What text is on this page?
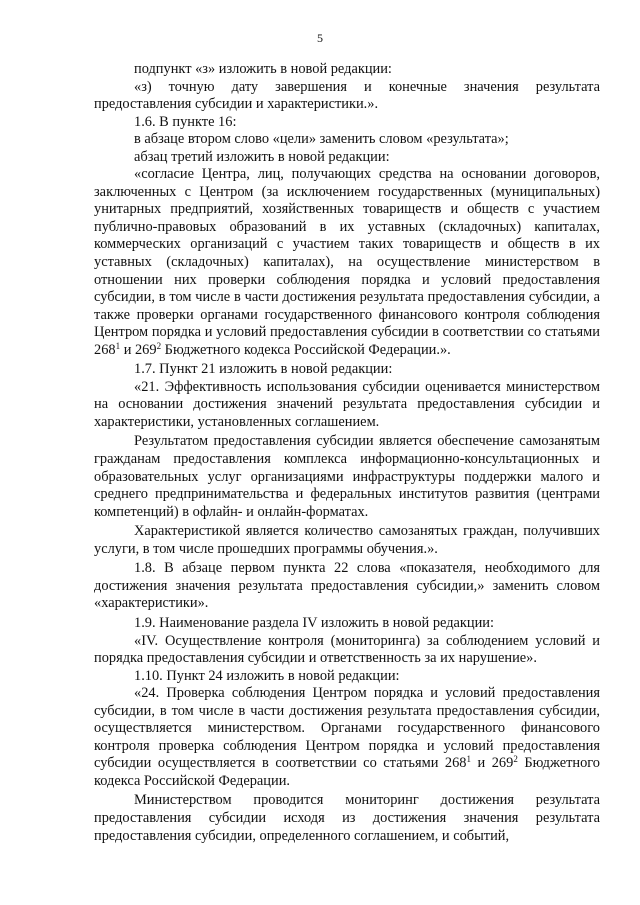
5

подпункт «з» изложить в новой редакции:

«з) точную дату завершения и конечные значения результата предоставления субсидии и характеристики.».

1.6. В пункте 16:

в абзаце втором слово «цели» заменить словом «результата»;

абзац третий изложить в новой редакции:

«согласие Центра, лиц, получающих средства на основании договоров, заключенных с Центром (за исключением государственных (муниципальных) унитарных предприятий, хозяйственных товариществ и обществ с участием публично-правовых образований в их уставных (складочных) капиталах, коммерческих организаций с участием таких товариществ и обществ в их уставных (складочных) капиталах), на осуществление министерством в отношении них проверки соблюдения порядка и условий предоставления субсидии, в том числе в части достижения результата предоставления субсидии, а также проверки органами государственного финансового контроля соблюдения Центром порядка и условий предоставления субсидии в соответствии со статьями $268^1$ и $269^2$ Бюджетного кодекса Российской Федерации.».

1.7. Пункт 21 изложить в новой редакции:

«21. Эффективность использования субсидии оценивается министерством на основании достижения значений результата предоставления субсидии и характеристики, установленных соглашением.

Результатом предоставления субсидии является обеспечение самозанятым гражданам предоставления комплекса информационно-консультационных и образовательных услуг организациями инфраструктуры поддержки малого и среднего предпринимательства и федеральных институтов развития (центрами компетенций) в офлайн- и онлайн-форматах.

Характеристикой является количество самозанятых граждан, получивших услуги, в том числе прошедших программы обучения.».

1.8. В абзаце первом пункта 22 слова «показателя, необходимого для достижения значения результата предоставления субсидии,» заменить словом «характеристики».

1.9. Наименование раздела IV изложить в новой редакции:

«IV. Осуществление контроля (мониторинга) за соблюдением условий и порядка предоставления субсидии и ответственность за их нарушение».

1.10. Пункт 24 изложить в новой редакции:

«24. Проверка соблюдения Центром порядка и условий предоставления субсидии, в том числе в части достижения результата предоставления субсидии, осуществляется министерством. Органами государственного финансового контроля проверка соблюдения Центром порядка и условий предоставления субсидии осуществляется в соответствии со статьями $268^1$ и $269^2$ Бюджетного кодекса Российской Федерации.

Министерством проводится мониторинг достижения результата предоставления субсидии исходя из достижения значения результата предоставления субсидии, определенного соглашением, и событий,
